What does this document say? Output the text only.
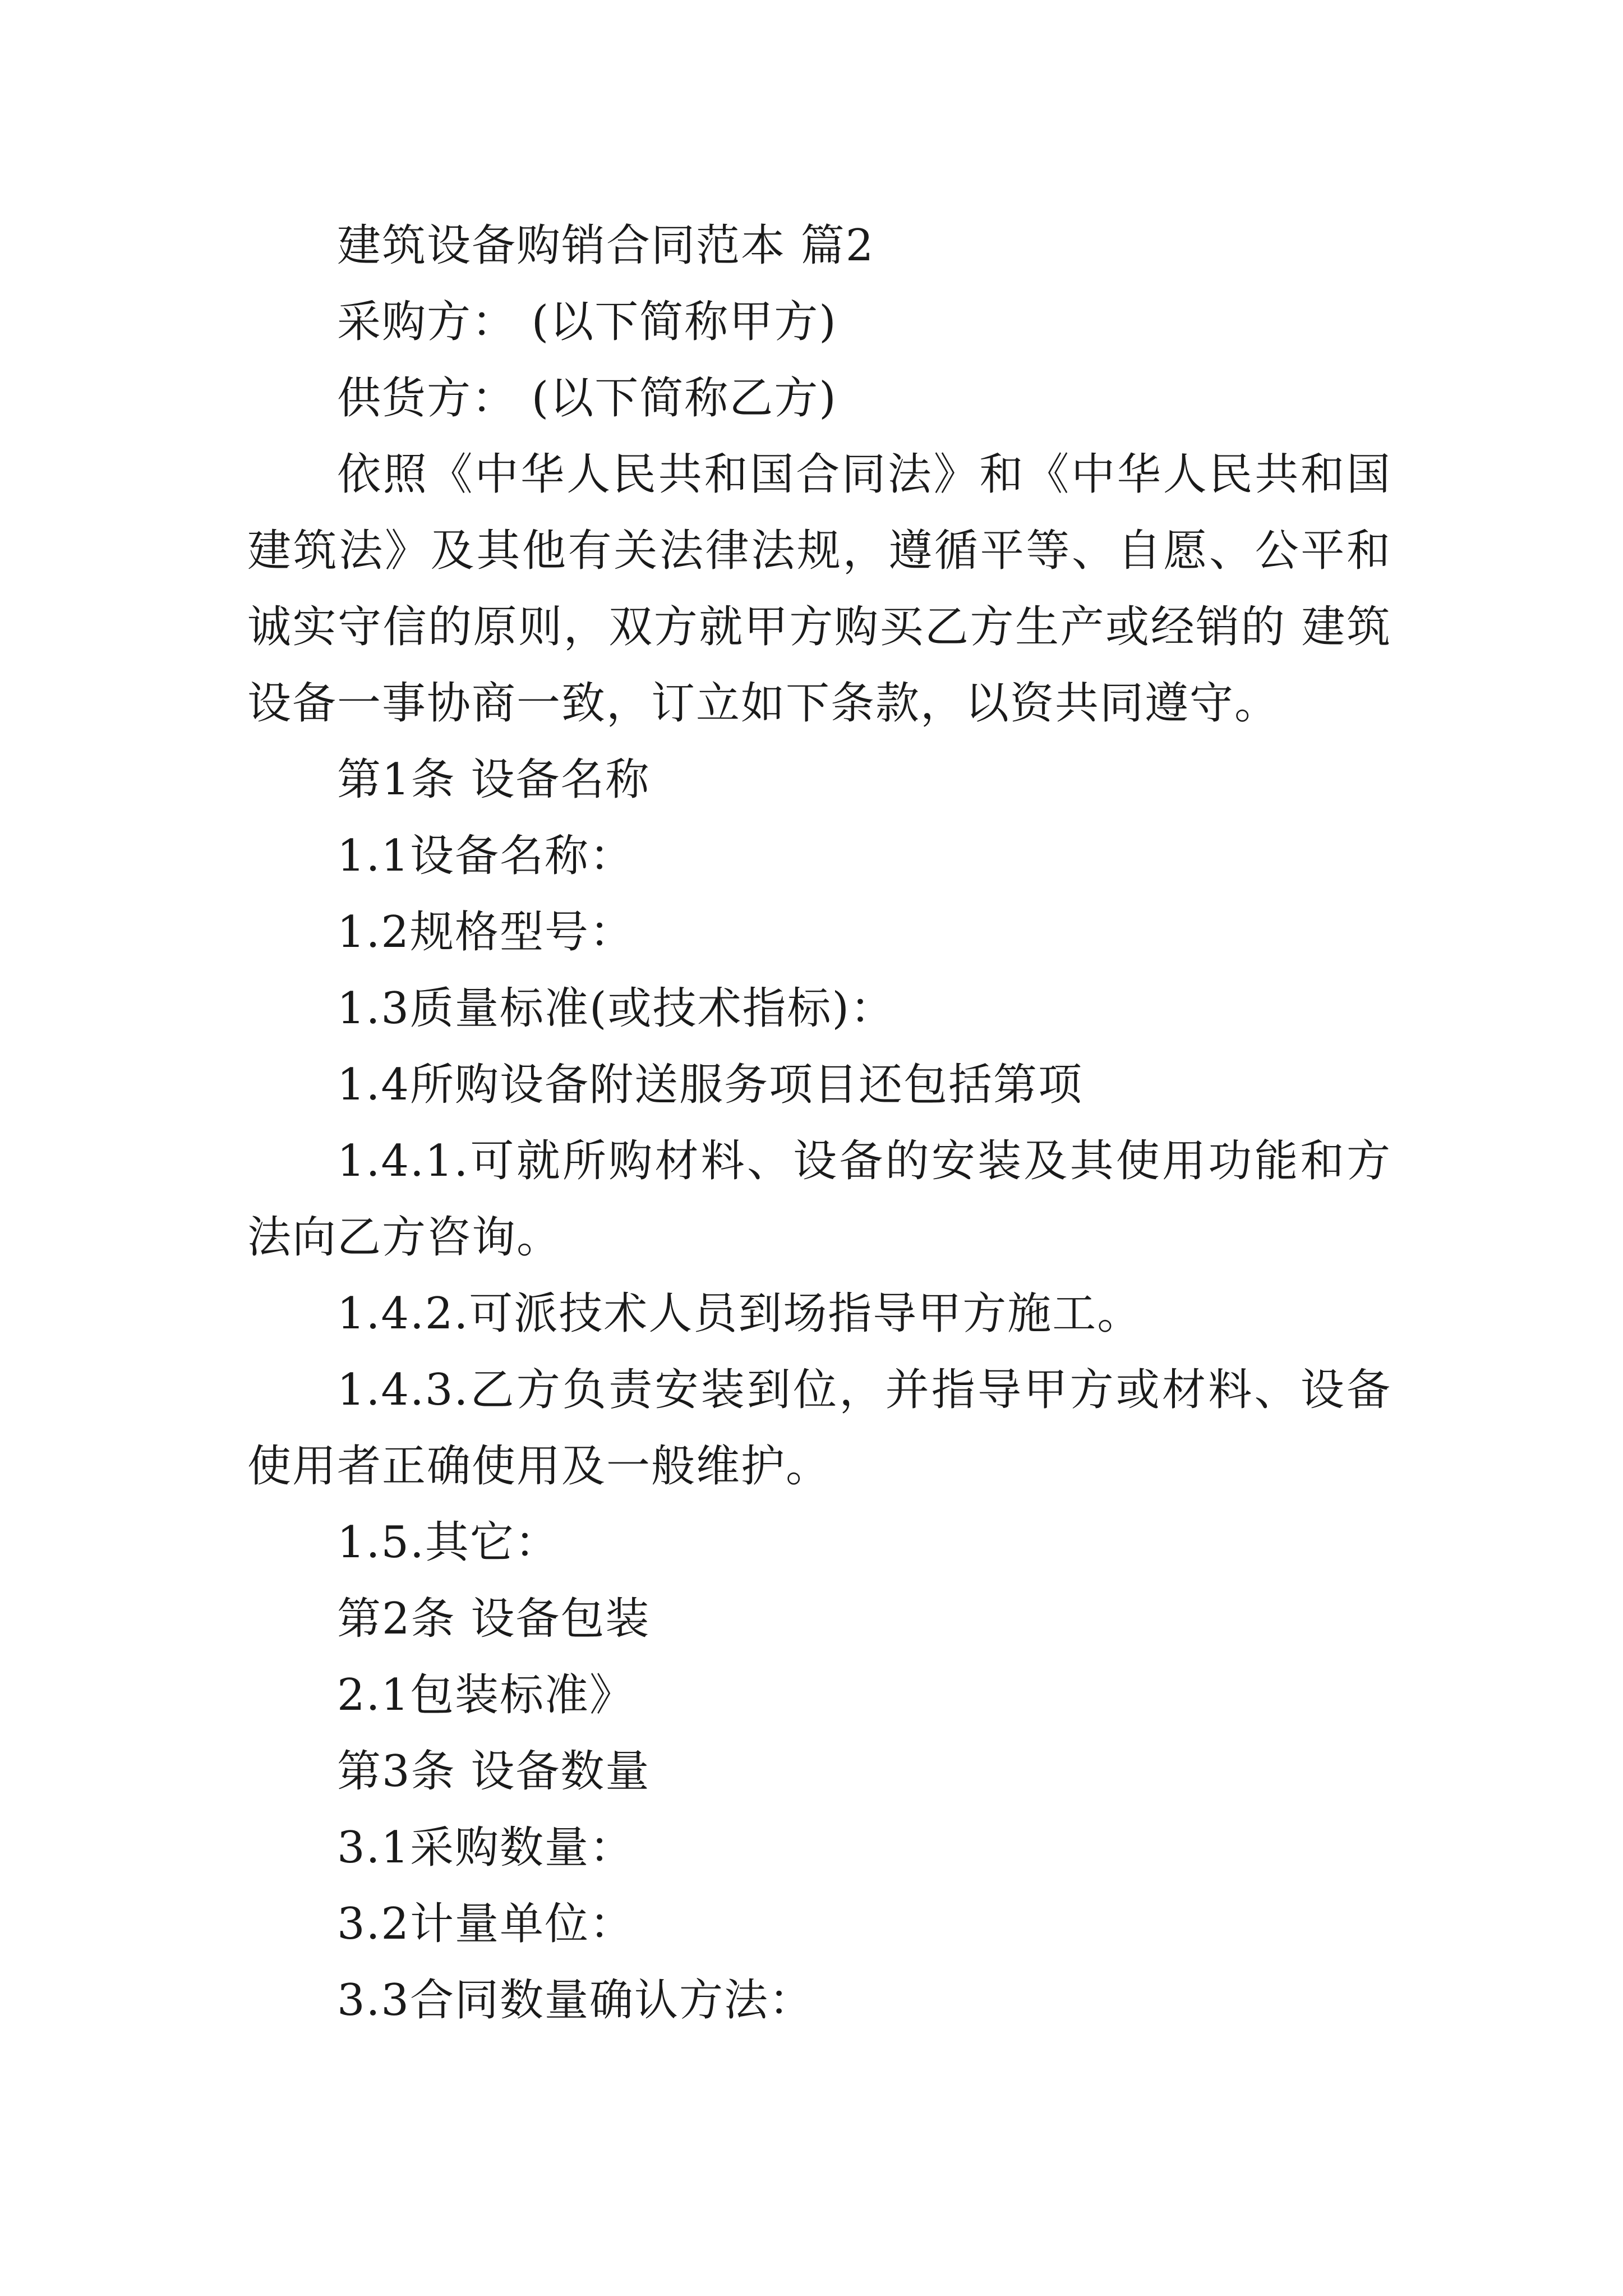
建筑设备购销合同范本 篇2

采购方： (以下简称甲方)

供货方： (以下简称乙方)

依照《中华人民共和国合同法》和《中华人民共和国建筑法》及其他有关法律法规，遵循平等、自愿、公平和诚实守信的原则，双方就甲方购买乙方生产或经销的 建筑设备一事协商一致，订立如下条款，以资共同遵守。

第1条 设备名称

1.1设备名称：

1.2规格型号：

1.3质量标准(或技术指标)：

1.4所购设备附送服务项目还包括第项

1.4.1.可就所购材料、设备的安装及其使用功能和方法向乙方咨询。

1.4.2.可派技术人员到场指导甲方施工。

1.4.3.乙方负责安装到位，并指导甲方或材料、设备使用者正确使用及一般维护。

1.5.其它：

第2条 设备包装

2.1包装标准》

第3条 设备数量

3.1采购数量：

3.2计量单位：

3.3合同数量确认方法：
